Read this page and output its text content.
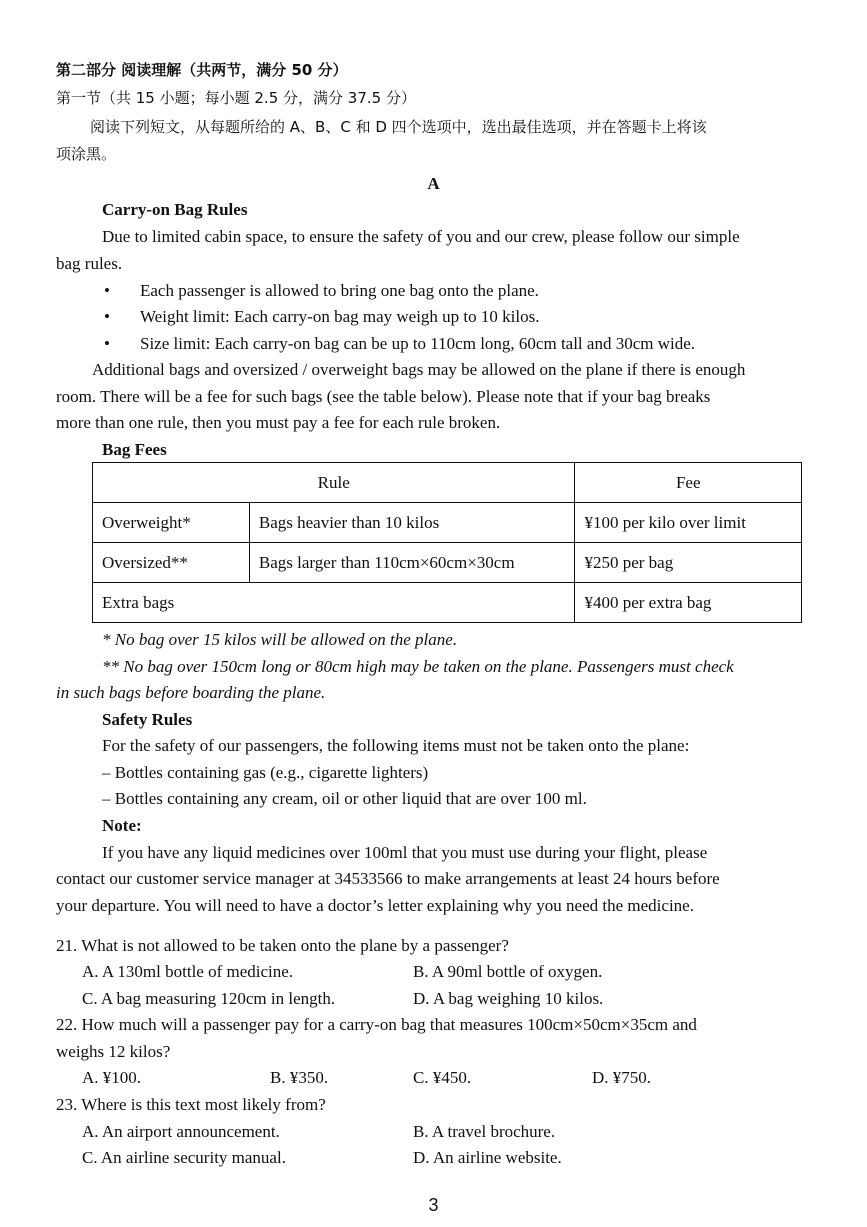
第二部分 阅读理解（共两节，满分 50 分）
第一节（共 15 小题；每小题 2.5 分，满分 37.5 分）
阅读下列短文，从每题所给的 A、B、C 和 D 四个选项中，选出最佳选项，并在答题卡上将该
项涂黑。
A
Carry-on Bag Rules
Due to limited cabin space, to ensure the safety of you and our crew, please follow our simple
bag rules.
• Each passenger is allowed to bring one bag onto the plane.
• Weight limit: Each carry-on bag may weigh up to 10 kilos.
• Size limit: Each carry-on bag can be up to 110cm long, 60cm tall and 30cm wide.
Additional bags and oversized / overweight bags may be allowed on the plane if there is enough
room. There will be a fee for such bags (see the table below). Please note that if your bag breaks
more than one rule, then you must pay a fee for each rule broken.
Bag Fees
Rule		Fee
Overweight*	Bags heavier than 10 kilos	¥100 per kilo over limit
Oversized**	Bags larger than 110cm×60cm×30cm	¥250 per bag
Extra bags		¥400 per extra bag
* No bag over 15 kilos will be allowed on the plane.
** No bag over 150cm long or 80cm high may be taken on the plane. Passengers must check
in such bags before boarding the plane.
Safety Rules
For the safety of our passengers, the following items must not be taken onto the plane:
– Bottles containing gas (e.g., cigarette lighters)
– Bottles containing any cream, oil or other liquid that are over 100 ml.
Note:
If you have any liquid medicines over 100ml that you must use during your flight, please
contact our customer service manager at 34533566 to make arrangements at least 24 hours before
your departure. You will need to have a doctor’s letter explaining why you need the medicine.
21. What is not allowed to be taken onto the plane by a passenger?
A. A 130ml bottle of medicine.	B. A 90ml bottle of oxygen.
C. A bag measuring 120cm in length.	D. A bag weighing 10 kilos.
22. How much will a passenger pay for a carry-on bag that measures 100cm×50cm×35cm and
weighs 12 kilos?
A. ¥100.	B. ¥350.	C. ¥450.	D. ¥750.
23. Where is this text most likely from?
A. An airport announcement.	B. A travel brochure.
C. An airline security manual.	D. An airline website.
3
